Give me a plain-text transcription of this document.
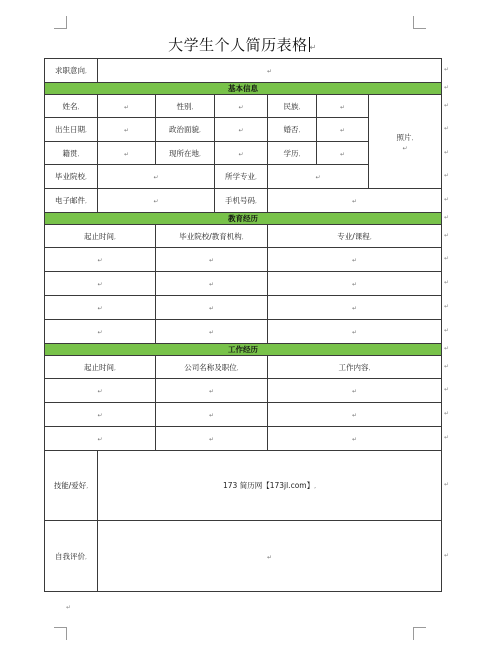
大学生个人简历表格 ↵
求职意向,	↵					
基本信息						
姓名,	↵	性别,	↵	民族,	↵	照片,
↵
出生日期,	↵	政治面貌,	↵	婚否,	↵	
籍贯,	↵	现所在地,	↵	学历,	↵	
毕业院校,	↵		所学专业,	↵		
电子邮件,	↵		手机号码,	↵		
教育经历						
起止时间,		毕业院校/教育机构,		专业/课程,		
↵		↵		↵		
↵		↵		↵		
↵		↵		↵		
↵		↵		↵		
工作经历						
起止时间,		公司名称及职位,		工作内容,		
↵		↵		↵		
↵		↵		↵		
↵		↵		↵		
技能/爱好,	173 简历网【173jl.com】,					
自我评价,	↵					
↵
↵
↵
↵
↵
↵
↵
↵
↵
↵
↵
↵
↵
↵
↵
↵
↵
↵
↵
↵
↵
